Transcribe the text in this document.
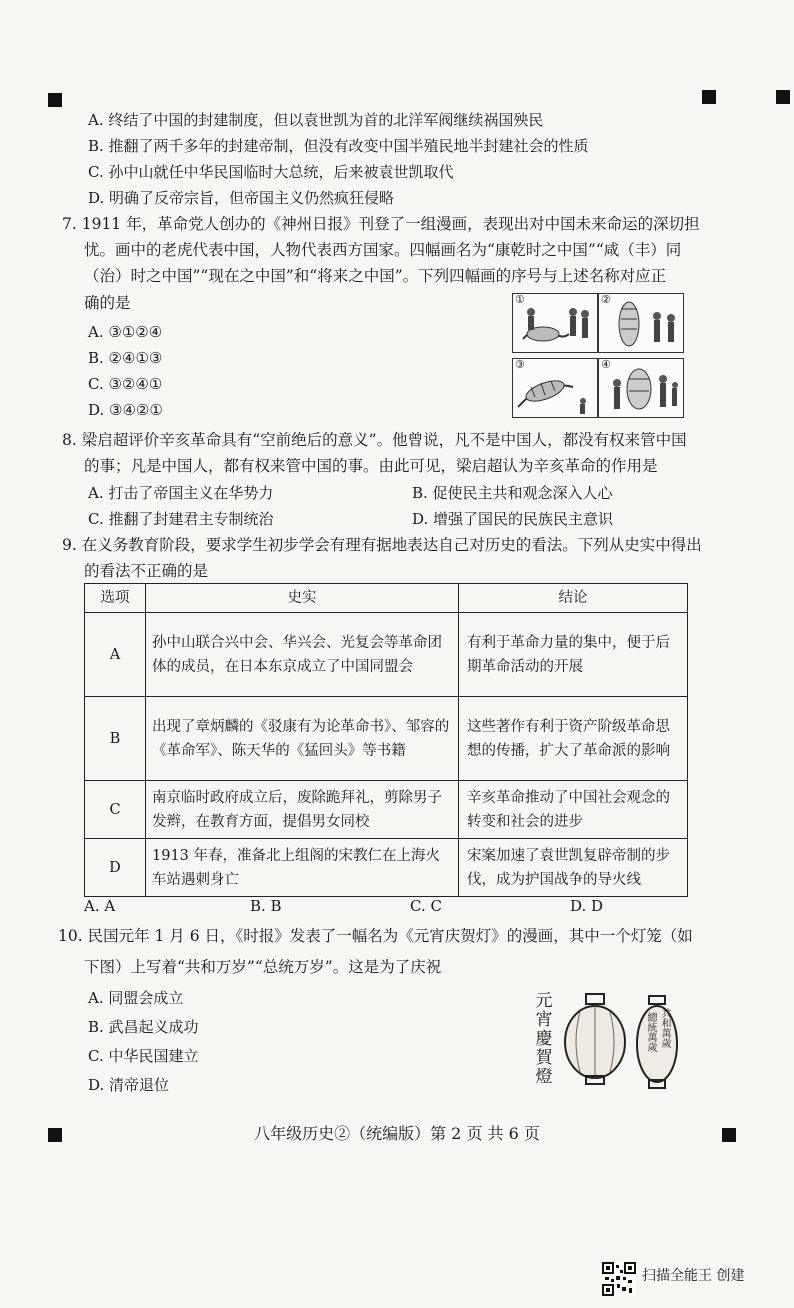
A. 终结了中国的封建制度，但以袁世凯为首的北洋军阀继续祸国殃民
B. 推翻了两千多年的封建帝制，但没有改变中国半殖民地半封建社会的性质
C. 孙中山就任中华民国临时大总统，后来被袁世凯取代
D. 明确了反帝宗旨，但帝国主义仍然疯狂侵略
7. 1911 年，革命党人创办的《神州日报》刊登了一组漫画，表现出对中国未来命运的深切担
忧。画中的老虎代表中国，人物代表西方国家。四幅画名为“康乾时之中国”“咸（丰）同
（治）时之中国”“现在之中国”和“将来之中国”。下列四幅画的序号与上述名称对应正
确的是
A. ③①②④
B. ②④①③
C. ③②④①
D. ③④②①
①	②
③	④
8. 梁启超评价辛亥革命具有“空前绝后的意义”。他曾说，凡不是中国人，都没有权来管中国
的事；凡是中国人，都有权来管中国的事。由此可见，梁启超认为辛亥革命的作用是
A. 打击了帝国主义在华势力	B. 促使民主共和观念深入人心
C. 推翻了封建君主专制统治	D. 增强了国民的民族民主意识
9. 在义务教育阶段，要求学生初步学会有理有据地表达自己对历史的看法。下列从史实中得出
的看法不正确的是
选项	史实	结论
A	孙中山联合兴中会、华兴会、光复会等革命团体的成员，在日本东京成立了中国同盟会	有利于革命力量的集中，便于后期革命活动的开展
B	出现了章炳麟的《驳康有为论革命书》、邹容的《革命军》、陈天华的《猛回头》等书籍	这些著作有利于资产阶级革命思想的传播，扩大了革命派的影响
C	南京临时政府成立后，废除跪拜礼，剪除男子发辫，在教育方面，提倡男女同校	辛亥革命推动了中国社会观念的转变和社会的进步
D	1913 年春，准备北上组阁的宋教仁在上海火车站遇刺身亡	宋案加速了袁世凯复辟帝制的步伐，成为护国战争的导火线
A. A	B. B	C. C	D. D
10. 民国元年 1 月 6 日，《时报》发表了一幅名为《元宵庆贺灯》的漫画，其中一个灯笼（如
下图）上写着“共和万岁”“总统万岁”。这是为了庆祝
A. 同盟会成立
B. 武昌起义成功
C. 中华民国建立
D. 清帝退位
元
宵
慶
賀
燈
共和萬歲
總統萬歲
八年级历史②（统编版）第 2 页 共 6 页
扫描全能王 创建
